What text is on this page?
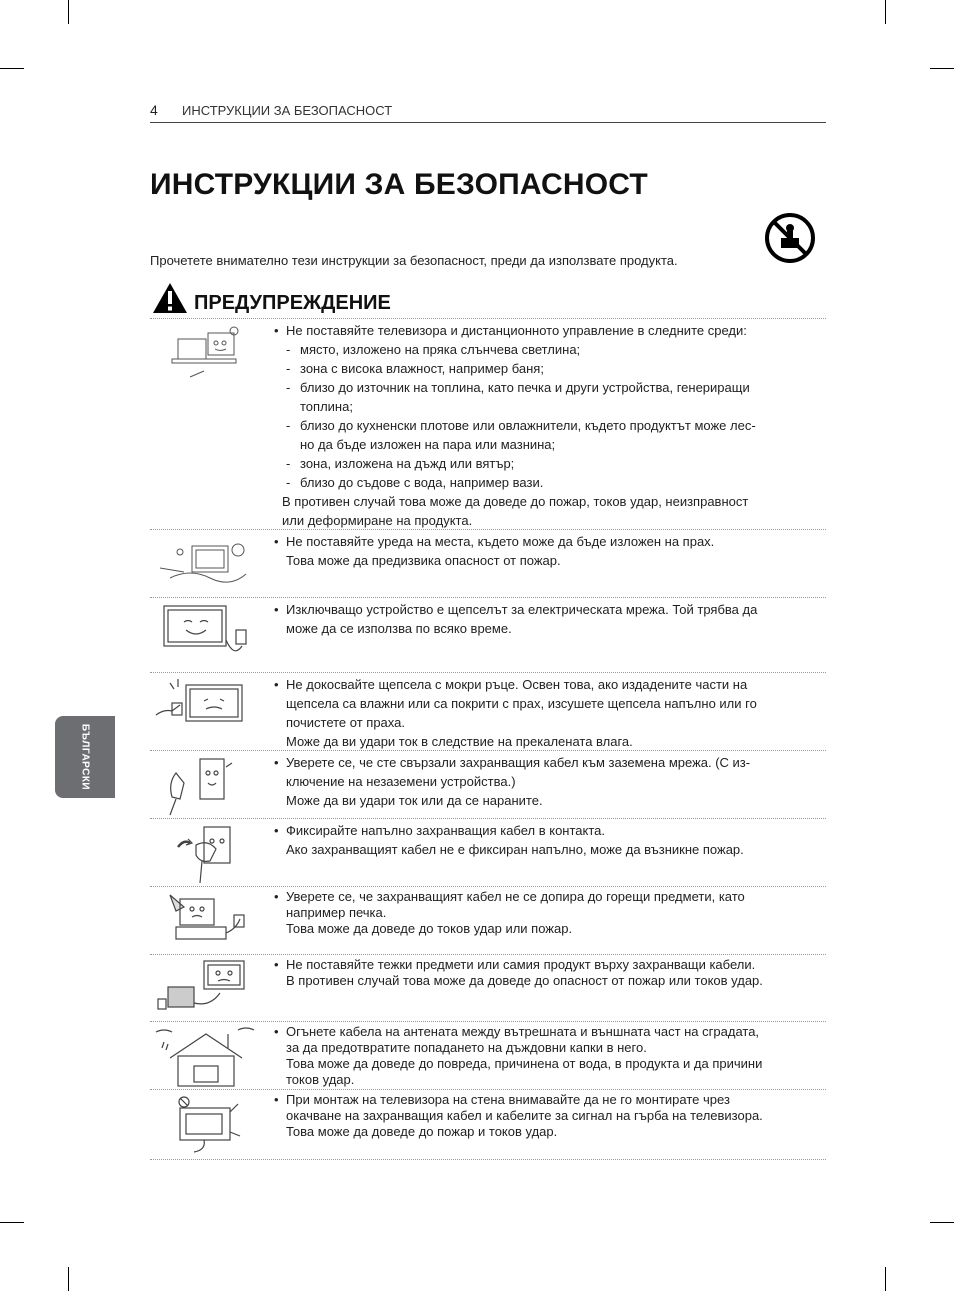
4 ИНСТРУКЦИИ ЗА БЕЗОПАСНОСТ
ИНСТРУКЦИИ ЗА БЕЗОПАСНОСТ
Прочетете внимателно тези инструкции за безопасност, преди да използвате продукта.
ПРЕДУПРЕЖДЕНИЕ
БЪЛГАРСКИ
• Не поставяйте телевизора и дистанционното управление в следните среди:
- място, изложено на пряка слънчева светлина;
- зона с висока влажност, например баня;
- близо до източник на топлина, като печка и други устройства, генериращи
топлина;
- близо до кухненски плотове или овлажнители, където продуктът може лес-
но да бъде изложен на пара или мазнина;
- зона, изложена на дъжд или вятър;
- близо до съдове с вода, например вази.
В противен случай това може да доведе до пожар, токов удар, неизправност
или деформиране на продукта.
• Не поставяйте уреда на места, където може да бъде изложен на прах.
Това може да предизвика опасност от пожар.
• Изключващо устройство е щепселът за електрическата мрежа. Той трябва да
може да се използва по всяко време.
• Не докосвайте щепсела с мокри ръце. Освен това, ако издадените части на
щепсела са влажни или са покрити с прах, изсушете щепсела напълно или го
почистете от праха.
Може да ви удари ток в следствие на прекалената влага.
• Уверете се, че сте свързали захранващия кабел към заземена мрежа. (С из-
ключение на незаземени устройства.)
Може да ви удари ток или да се нараните.
• Фиксирайте напълно захранващия кабел в контакта.
Ако захранващият кабел не е фиксиран напълно, може да възникне пожар.
• Уверете се, че захранващият кабел не се допира до горещи предмети, като
например печка.
Това може да доведе до токов удар или пожар.
• Не поставяйте тежки предмети или самия продукт върху захранващи кабели.
В противен случай това може да доведе до опасност от пожар или токов удар.
• Огънете кабела на антената между вътрешната и външната част на сградата,
за да предотвратите попадането на дъждовни капки в него.
Това може да доведе до повреда, причинена от вода, в продукта и да причини
токов удар.
• При монтаж на телевизора на стена внимавайте да не го монтирате чрез
окачване на захранващия кабел и кабелите за сигнал на гърба на телевизора.
Това може да доведе до пожар и токов удар.
